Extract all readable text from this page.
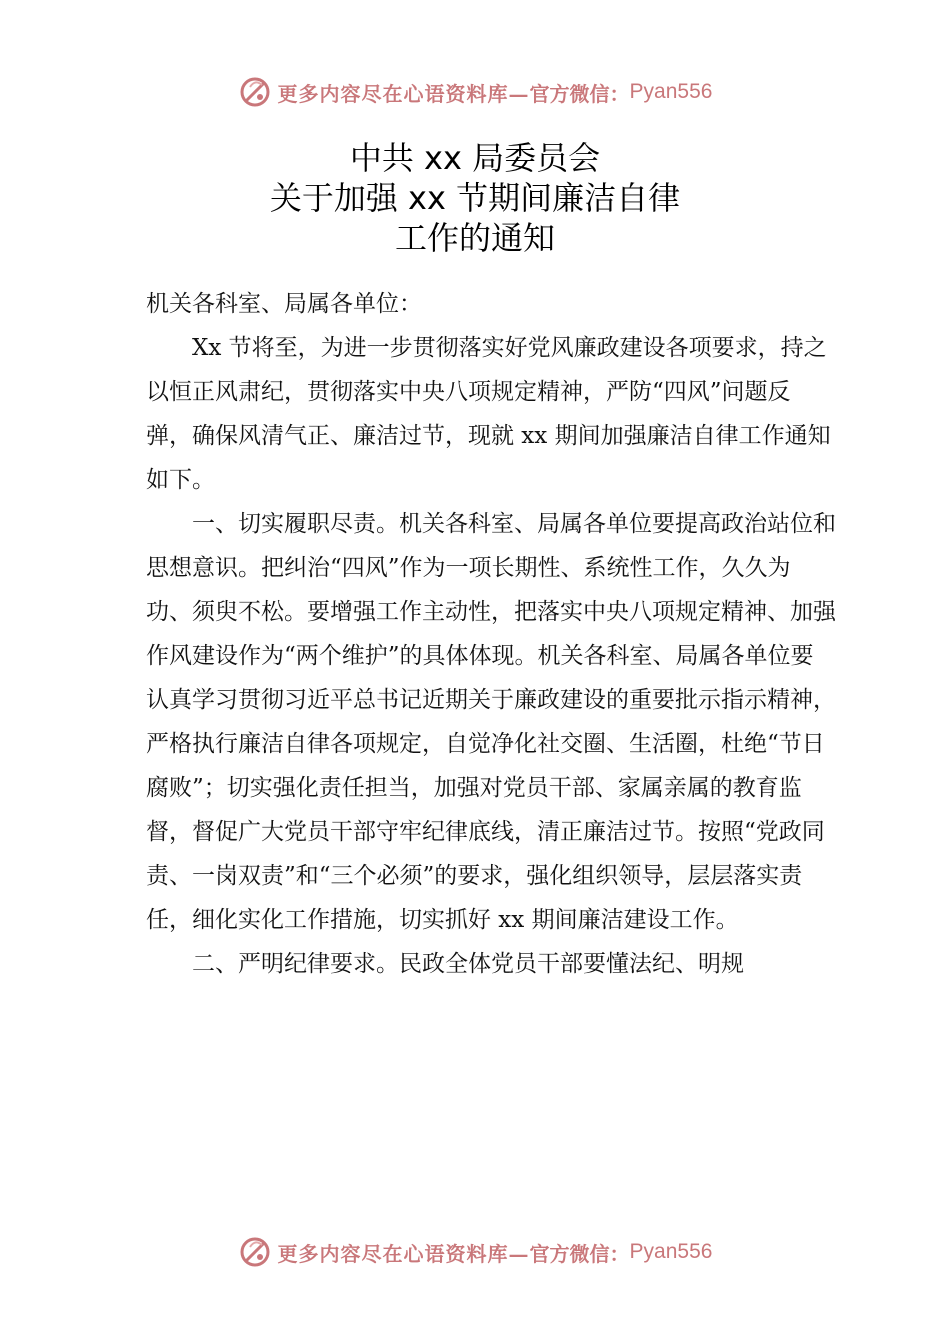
更多内容尽在心语资料库— 官方微信： Pyan556
中共 xx 局委员会
关于加强 xx 节期间廉洁自律
工作的通知

机关各科室、局属各单位：

Xx 节将至，为进一步贯彻落实好党风廉政建设各项要求，持之以恒正风肃纪，贯彻落实中央八项规定精神，严防“四风”问题反弹，确保风清气正、廉洁过节，现就 xx 期间加强廉洁自律工作通知如下。

一、切实履职尽责。机关各科室、局属各单位要提高政治站位和思想意识。把纠治“四风”作为一项长期性、系统性工作，久久为功、须臾不松。要增强工作主动性，把落实中央八项规定精神、加强作风建设作为“两个维护”的具体体现。机关各科室、局属各单位要认真学习贯彻习近平总书记近期关于廉政建设的重要批示指示精神，严格执行廉洁自律各项规定，自觉净化社交圈、生活圈，杜绝“节日腐败”；切实强化责任担当，加强对党员干部、家属亲属的教育监督，督促广大党员干部守牢纪律底线，清正廉洁过节。按照“党政同责、一岗双责”和“三个必须”的要求，强化组织领导，层层落实责任，细化实化工作措施，切实抓好 xx 期间廉洁建设工作。

二、严明纪律要求。民政全体党员干部要懂法纪、明规

更多内容尽在心语资料库— 官方微信： Pyan556
